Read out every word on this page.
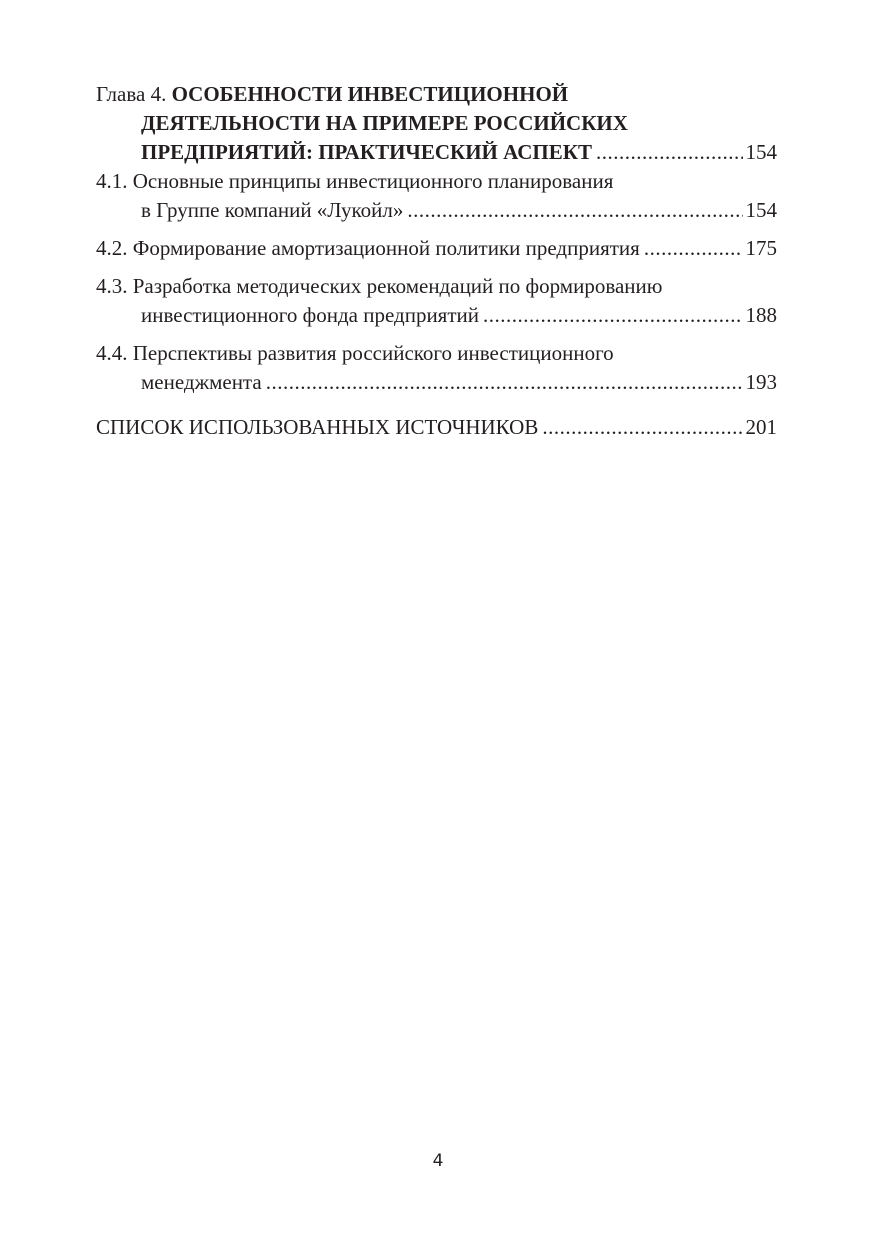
Глава 4. ОСОБЕННОСТИ ИНВЕСТИЦИОННОЙ
ДЕЯТЕЛЬНОСТИ НА ПРИМЕРЕ РОССИЙСКИХ
ПРЕДПРИЯТИЙ: ПРАКТИЧЕСКИЙ АСПЕКТ .....	154
4.1. Основные принципы инвестиционного планирования
в Группе компаний «Лукойл» .....	154
4.2. Формирование амортизационной политики предприятия .....	175
4.3. Разработка методических рекомендаций по формированию
инвестиционного фонда предприятий .....	188
4.4. Перспективы развития российского инвестиционного
менеджмента .....	193
СПИСОК ИСПОЛЬЗОВАННЫХ ИСТОЧНИКОВ .....	201
4
